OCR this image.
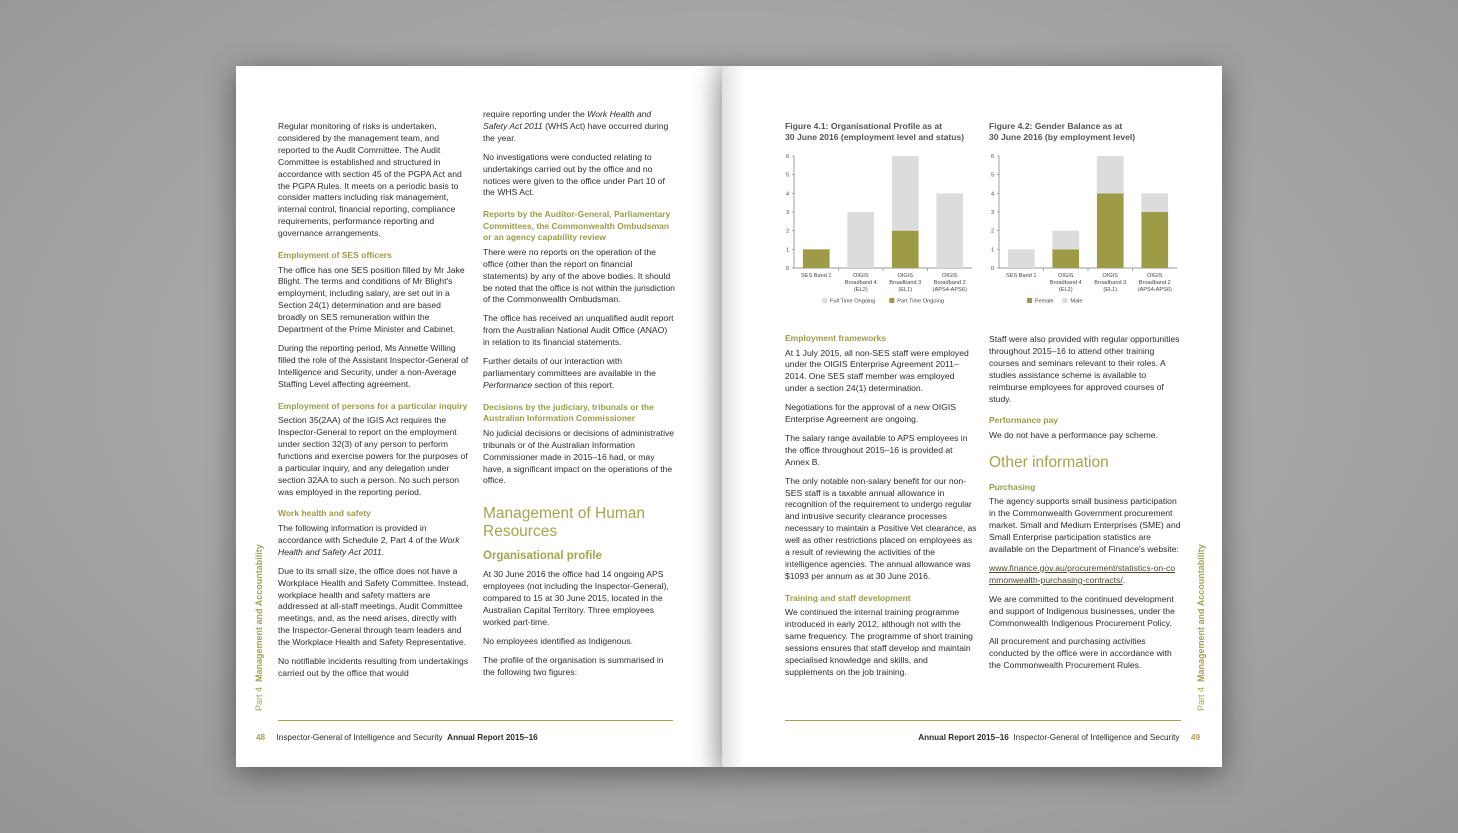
Regular monitoring of risks is undertaken, considered by the management team, and reported to the Audit Committee. The Audit Committee is established and structured in accordance with section 45 of the PGPA Act and the PGPA Rules. It meets on a periodic basis to consider matters including risk management, internal control, financial reporting, compliance requirements, performance reporting and governance arrangements.

Employment of SES officers

The office has one SES position filled by Mr Jake Blight. The terms and conditions of Mr Blight's employment, including salary, are set out in a Section 24(1) determination and are based broadly on SES remuneration within the Department of the Prime Minister and Cabinet.

During the reporting period, Ms Annette Willing filled the role of the Assistant Inspector-General of Intelligence and Security, under a non-Average Staffing Level affecting agreement.

Employment of persons for a particular inquiry

Section 35(2AA) of the IGIS Act requires the Inspector-General to report on the employment under section 32(3) of any person to perform functions and exercise powers for the purposes of a particular inquiry, and any delegation under section 32AA to such a person. No such person was employed in the reporting period.

Work health and safety

The following information is provided in accordance with Schedule 2, Part 4 of the Work Health and Safety Act 2011.

Due to its small size, the office does not have a Workplace Health and Safety Committee. Instead, workplace health and safety matters are addressed at all-staff meetings, Audit Committee meetings, and, as the need arises, directly with the Inspector-General through team leaders and the Workplace Health and Safety Representative.

No notifiable incidents resulting from undertakings carried out by the office that would

require reporting under the Work Health and Safety Act 2011 (WHS Act) have occurred during the year.

No investigations were conducted relating to undertakings carried out by the office and no notices were given to the office under Part 10 of the WHS Act.

Reports by the Auditor-General, Parliamentary Committees, the Commonwealth Ombudsman or an agency capability review

There were no reports on the operation of the office (other than the report on financial statements) by any of the above bodies. It should be noted that the office is not within the jurisdiction of the Commonwealth Ombudsman.

The office has received an unqualified audit report from the Australian National Audit Office (ANAO) in relation to its financial statements.

Further details of our interaction with parliamentary committees are available in the Performance section of this report.

Decisions by the judiciary, tribunals or the Australian Information Commissioner

No judicial decisions or decisions of administrative tribunals or of the Australian Information Commissioner made in 2015–16 had, or may have, a significant impact on the operations of the office.

Management of Human Resources
Organisational profile

At 30 June 2016 the office had 14 ongoing APS employees (not including the Inspector-General), compared to 15 at 30 June 2015, located in the Australian Capital Territory. Three employees worked part-time.

No employees identified as Indigenous.

The profile of the organisation is summarised in the following two figures:

Part 4  Management and Accountability
48 Inspector-General of Intelligence and Security Annual Report 2015–16
Figure 4.1: Organisational Profile as at
30 June 2016 (employment level and status)
Figure 4.2: Gender Balance as at
30 June 2016 (by employment level)
0
1
2
3
4
5
6
SES Band 1	OIGIS
Broadband 4
(EL2)
OIGIS
Broadband 3
(EL1)
OIGIS
Broadband 2
(APS4-APS6)
Full Time Ongoing	Part Time Ongoing
0
1
2
3
4
5
6
SES Band 1	OIGIS
Broadband 4
(EL2)
OIGIS
Broadband 3
(EL1)
OIGIS
Broadband 2
(APS4-APS6)
Female	Male
Employment frameworks

At 1 July 2015, all non-SES staff were employed under the OIGIS Enterprise Agreement 2011–2014. One SES staff member was employed under a section 24(1) determination.

Negotiations for the approval of a new OIGIS Enterprise Agreement are ongoing.

The salary range available to APS employees in the office throughout 2015–16 is provided at Annex B.

The only notable non-salary benefit for our non-SES staff is a taxable annual allowance in recognition of the requirement to undergo regular and intrusive security clearance processes necessary to maintain a Positive Vet clearance, as well as other restrictions placed on employees as a result of reviewing the activities of the intelligence agencies. The annual allowance was $1093 per annum as at 30 June 2016.

Training and staff development

We continued the internal training programme introduced in early 2012, although not with the same frequency. The programme of short training sessions ensures that staff develop and maintain specialised knowledge and skills, and supplements on the job training.

Staff were also provided with regular opportunities throughout 2015–16 to attend other training courses and seminars relevant to their roles. A studies assistance scheme is available to reimburse employees for approved courses of study.

Performance pay

We do not have a performance pay scheme.

Other information
Purchasing

The agency supports small business participation in the Commonwealth Government procurement market. Small and Medium Enterprises (SME) and Small Enterprise participation statistics are available on the Department of Finance's website:

www.finance.gov.au/procurement/statistics-on-commonwealth-purchasing-contracts/.

We are committed to the continued development and support of Indigenous businesses, under the Commonwealth Indigenous Procurement Policy.

All procurement and purchasing activities conducted by the office were in accordance with the Commonwealth Procurement Rules.

Part 4  Management and Accountability
Annual Report 2015–16 Inspector-General of Intelligence and Security 49
